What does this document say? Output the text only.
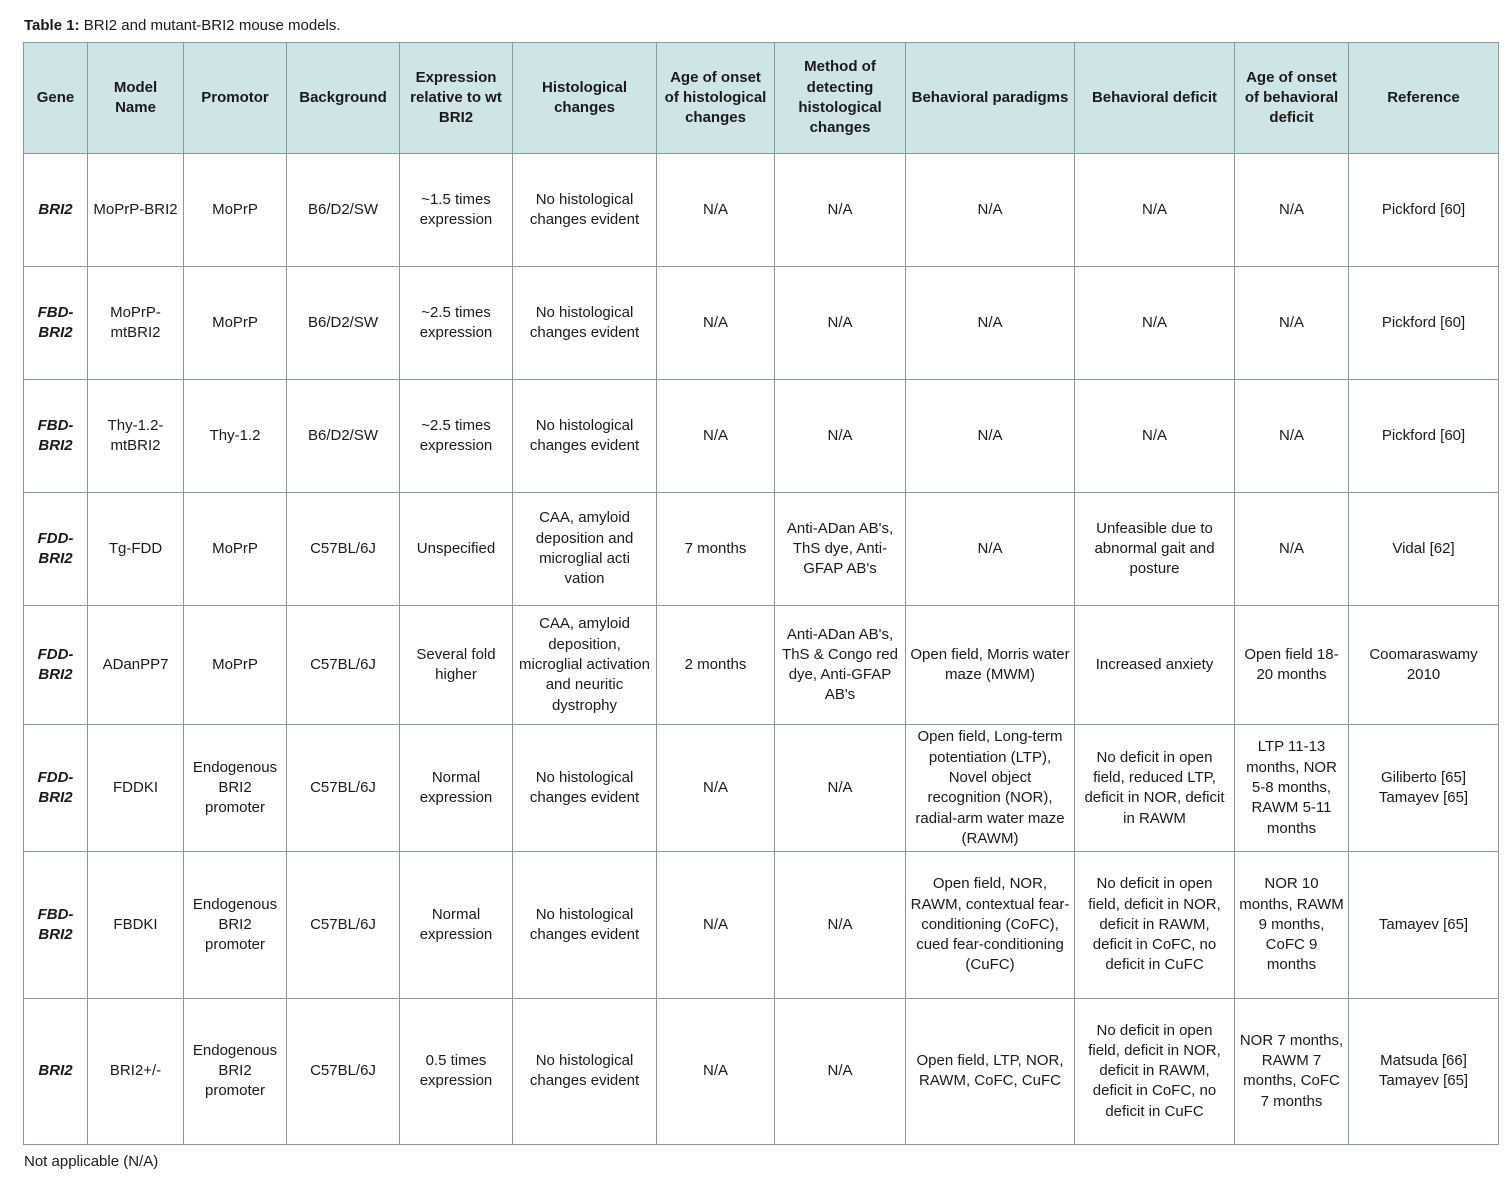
Table 1: BRI2 and mutant-BRI2 mouse models.
Gene	Model Name	Promotor	Background	Expression relative to wt BRI2	Histological changes	Age of onset of histological changes	Method of detecting histological changes	Behavioral paradigms	Behavioral deficit	Age of onset of behavioral deficit	Reference
BRI2	MoPrP-BRI2	MoPrP	B6/D2/SW	~1.5 times expression	No histological changes evident	N/A	N/A	N/A	N/A	N/A	Pickford [60]
FBD-BRI2	MoPrP-mtBRI2	MoPrP	B6/D2/SW	~2.5 times expression	No histological changes evident	N/A	N/A	N/A	N/A	N/A	Pickford [60]
FBD-BRI2	Thy-1.2-mtBRI2	Thy-1.2	B6/D2/SW	~2.5 times expression	No histological changes evident	N/A	N/A	N/A	N/A	N/A	Pickford [60]
FDD-BRI2	Tg-FDD	MoPrP	C57BL/6J	Unspecified	CAA, amyloid deposition and microglial acti vation	7 months	Anti-ADan AB's, ThS dye, Anti-GFAP AB's	N/A	Unfeasible due to abnormal gait and posture	N/A	Vidal [62]
FDD-BRI2	ADanPP7	MoPrP	C57BL/6J	Several fold higher	CAA, amyloid deposition, microglial activation and neuritic dystrophy	2 months	Anti-ADan AB's, ThS & Congo red dye, Anti-GFAP AB's	Open field, Morris water maze (MWM)	Increased anxiety	Open field 18-20 months	Coomaraswamy 2010
FDD-BRI2	FDDKI	Endogenous BRI2 promoter	C57BL/6J	Normal expression	No histological changes evident	N/A	N/A	Open field, Long-term potentiation (LTP), Novel object recognition (NOR), radial-arm water maze (RAWM)	No deficit in open field, reduced LTP, deficit in NOR, deficit in RAWM	LTP 11-13 months, NOR 5-8 months, RAWM 5-11 months	Giliberto [65] Tamayev [65]
FBD-BRI2	FBDKI	Endogenous BRI2 promoter	C57BL/6J	Normal expression	No histological changes evident	N/A	N/A	Open field, NOR, RAWM, contextual fear-conditioning (CoFC), cued fear-conditioning (CuFC)	No deficit in open field, deficit in NOR, deficit in RAWM, deficit in CoFC, no deficit in CuFC	NOR 10 months, RAWM 9 months, CoFC 9 months	Tamayev [65]
BRI2	BRI2+/-	Endogenous BRI2 promoter	C57BL/6J	0.5 times expression	No histological changes evident	N/A	N/A	Open field, LTP, NOR, RAWM, CoFC, CuFC	No deficit in open field, deficit in NOR, deficit in RAWM, deficit in CoFC, no deficit in CuFC	NOR 7 months, RAWM 7 months, CoFC 7 months	Matsuda [66] Tamayev [65]
Not applicable (N/A)
